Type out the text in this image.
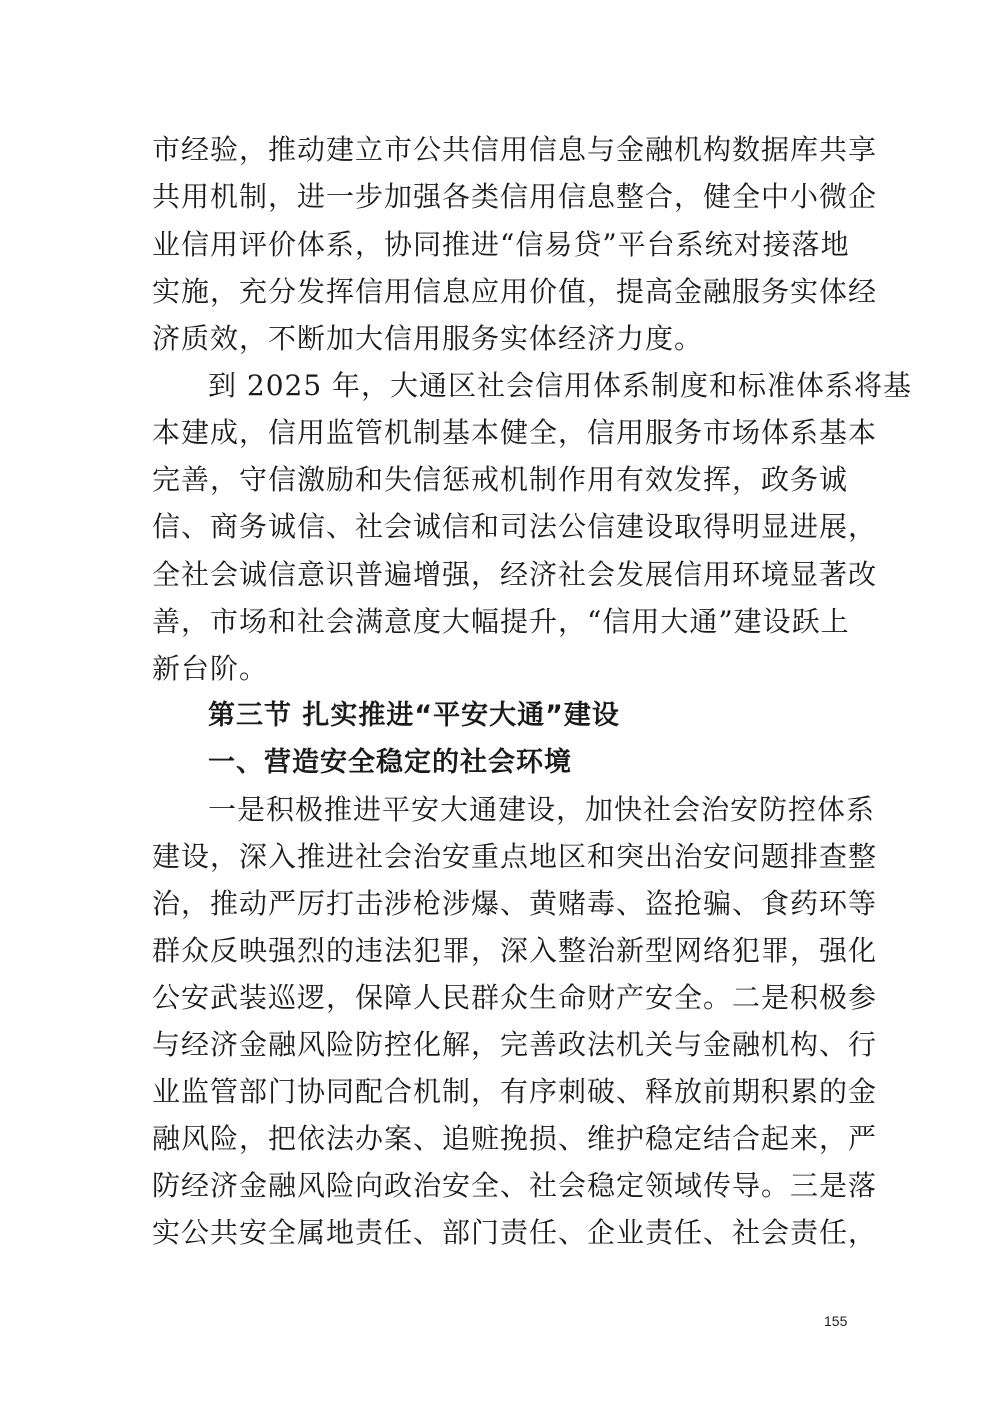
市经验，推动建立市公共信用信息与金融机构数据库共享
共用机制，进一步加强各类信用信息整合，健全中小微企
业信用评价体系，协同推进“信易贷”平台系统对接落地
实施，充分发挥信用信息应用价值，提高金融服务实体经
济质效，不断加大信用服务实体经济力度。
到 2025 年，大通区社会信用体系制度和标准体系将基
本建成，信用监管机制基本健全，信用服务市场体系基本
完善，守信激励和失信惩戒机制作用有效发挥，政务诚
信、商务诚信、社会诚信和司法公信建设取得明显进展，
全社会诚信意识普遍增强，经济社会发展信用环境显著改
善，市场和社会满意度大幅提升，“信用大通”建设跃上
新台阶。
第三节 扎实推进“平安大通”建设
一、营造安全稳定的社会环境
一是积极推进平安大通建设，加快社会治安防控体系
建设，深入推进社会治安重点地区和突出治安问题排查整
治，推动严厉打击涉枪涉爆、黄赌毒、盗抢骗、食药环等
群众反映强烈的违法犯罪，深入整治新型网络犯罪，强化
公安武装巡逻，保障人民群众生命财产安全。二是积极参
与经济金融风险防控化解，完善政法机关与金融机构、行
业监管部门协同配合机制，有序刺破、释放前期积累的金
融风险，把依法办案、追赃挽损、维护稳定结合起来，严
防经济金融风险向政治安全、社会稳定领域传导。三是落
实公共安全属地责任、部门责任、企业责任、社会责任，
155
